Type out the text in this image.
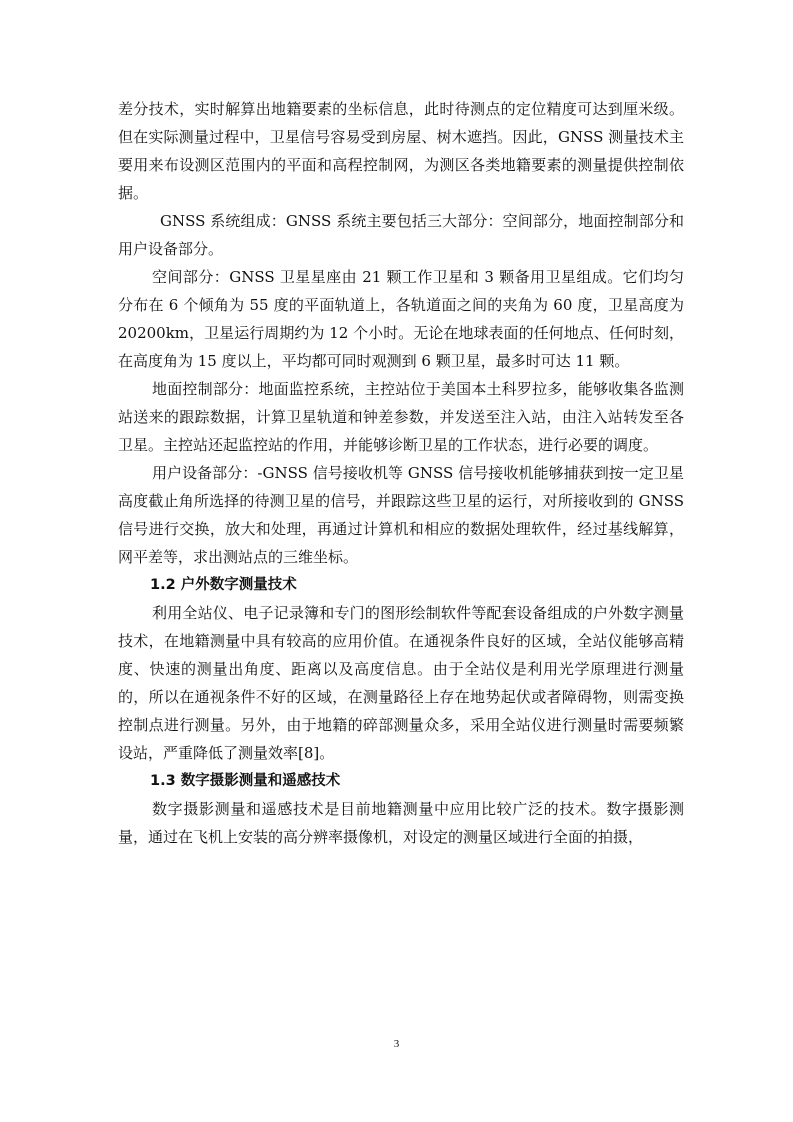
差分技术，实时解算出地籍要素的坐标信息，此时待测点的定位精度可达到厘米级。但在实际测量过程中，卫星信号容易受到房屋、树木遮挡。因此，GNSS 测量技术主要用来布设测区范围内的平面和高程控制网，为测区各类地籍要素的测量提供控制依据。

GNSS 系统组成：GNSS 系统主要包括三大部分：空间部分，地面控制部分和用户设备部分。

空间部分：GNSS 卫星星座由 21 颗工作卫星和 3 颗备用卫星组成。它们均匀分布在 6 个倾角为 55 度的平面轨道上，各轨道面之间的夹角为 60 度，卫星高度为 20200km，卫星运行周期约为 12 个小时。无论在地球表面的任何地点、任何时刻，在高度角为 15 度以上，平均都可同时观测到 6 颗卫星，最多时可达 11 颗。

地面控制部分：地面监控系统，主控站位于美国本土科罗拉多，能够收集各监测站送来的跟踪数据，计算卫星轨道和钟差参数，并发送至注入站，由注入站转发至各卫星。主控站还起监控站的作用，并能够诊断卫星的工作状态，进行必要的调度。

用户设备部分：-GNSS 信号接收机等 GNSS 信号接收机能够捕获到按一定卫星高度截止角所选择的待测卫星的信号，并跟踪这些卫星的运行，对所接收到的 GNSS 信号进行交换，放大和处理，再通过计算机和相应的数据处理软件，经过基线解算，网平差等，求出测站点的三维坐标。

1.2 户外数字测量技术

利用全站仪、电子记录簿和专门的图形绘制软件等配套设备组成的户外数字测量技术，在地籍测量中具有较高的应用价值。在通视条件良好的区域，全站仪能够高精度、快速的测量出角度、距离以及高度信息。由于全站仪是利用光学原理进行测量的，所以在通视条件不好的区域，在测量路径上存在地势起伏或者障碍物，则需变换控制点进行测量。另外，由于地籍的碎部测量众多，采用全站仪进行测量时需要频繁设站，严重降低了测量效率[8]。

1.3 数字摄影测量和遥感技术

数字摄影测量和遥感技术是目前地籍测量中应用比较广泛的技术。数字摄影测量，通过在飞机上安装的高分辨率摄像机，对设定的测量区域进行全面的拍摄，

3
